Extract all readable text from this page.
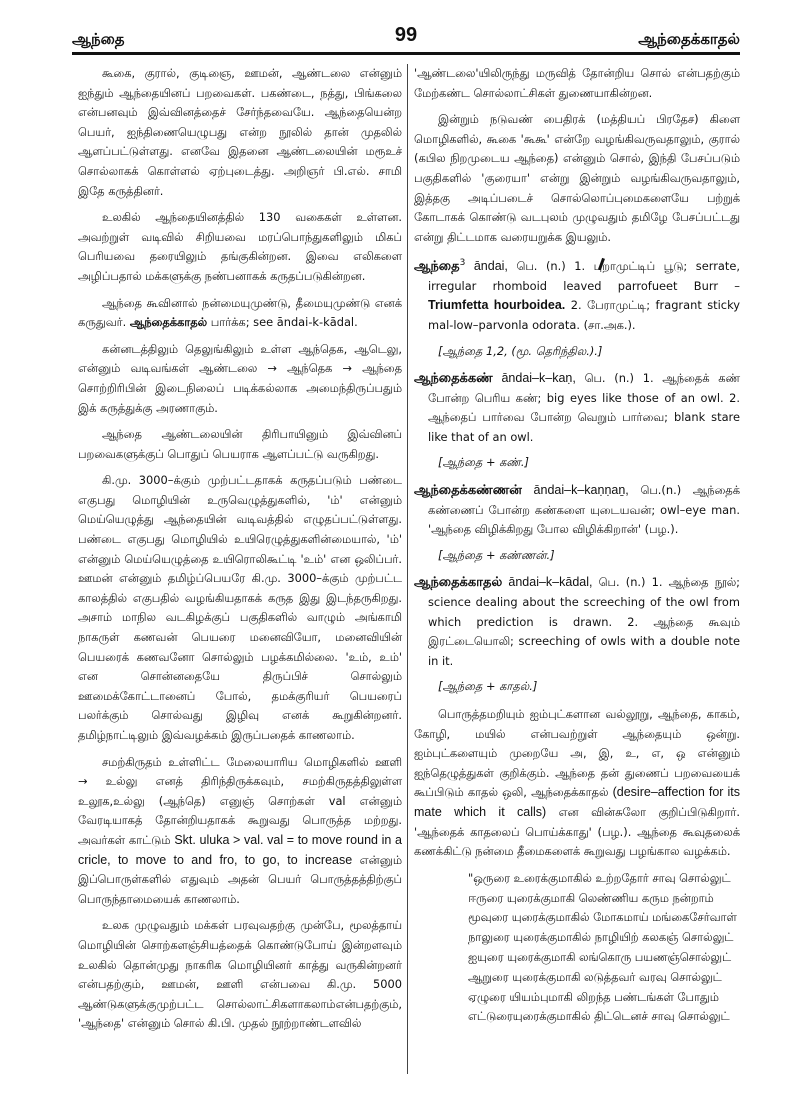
ஆந்தை	99	ஆந்தைக்காதல்

கூகை, குரால், குடிஞை, ஊமன், ஆண்டலை என்னும் ஐந்தும் ஆந்தையினப் பறவைகள். பகண்டை, நத்து, பிங்கலை என்பனவும் இவ்வினத்தைச் சேர்ந்தவையே. ஆந்தையென்ற பெயர், ஐந்திணையெழுபது என்ற நூலில் தான் முதலில் ஆளப்பட்டுள்ளது. எனவே இதனை ஆண்டலையின் மரூஉச் சொல்லாகக் கொள்ளல் ஏற்புடைத்து. அறிஞர் பி.எல். சாமி இதே கருத்தினர்.

உலகில் ஆந்தையினத்தில் 130 வகைகள் உள்ளன. அவற்றுள் வடிவில் சிறியவை மரப்பொந்துகளிலும் மிகப் பெரியவை தரையிலும் தங்குகின்றன. இவை எலிகளை அழிப்பதால் மக்களுக்கு நண்பனாகக் கருதப்படுகின்றன.

ஆந்தை கூவினால் நன்மையுமுண்டு, தீமையுமுண்டு எனக் கருதுவர். ஆந்தைக்காதல் பார்க்க; see āndai-k-kādal.

கன்னடத்திலும் தெலுங்கிலும் உள்ள ஆந்தெக, ஆடெலு, என்னும் வடிவங்கள் ஆண்டலை → ஆந்தெக → ஆந்தை சொற்றிரிபின் இடைநிலைப் படிக்கல்லாக அமைந்திருப்பதும் இக் கருத்துக்கு அரணாகும்.

ஆந்தை ஆண்டலையின் திரிபாயினும் இவ்வினப் பறவைகளுக்குப் பொதுப் பெயராக ஆளப்பட்டு வருகிறது.

கி.மு. 3000–க்கும் முற்பட்டதாகக் கருதப்படும் பண்டை எகுபது மொழியின் உருவெழுத்துகளில், 'ம்' என்னும் மெய்யெழுத்து ஆந்தையின் வடிவத்தில் எழுதப்பட்டுள்ளது. பண்டை எகுபது மொழியில் உயிரெழுத்துகளின்மையால், 'ம்' என்னும் மெய்யெழுத்தை உயிரொலிகூட்டி 'உம்' என ஒலிப்பர். ஊமன் என்னும் தமிழ்ப்பெயரே கி.மு. 3000–க்கும் முற்பட்ட காலத்தில் எகுபதில் வழங்கியதாகக் கருத இது இடந்தருகிறது. அசாம் மாநில வடகிழக்குப் பகுதிகளில் வாழும் அங்காமி நாகருள் கணவன் பெயரை மனைவியோ, மனைவியின் பெயரைக் கணவனோ சொல்லும் பழக்கமில்லை. 'உம், உம்' என சொன்னதையே திருப்பிச் சொல்லும் ஊமைக்கோட்டானைப் போல், தமக்குரியர் பெயரைப் பலர்க்கும் சொல்வது இழிவு எனக் கூறுகின்றனர். தமிழ்நாட்டிலும் இவ்வழக்கம் இருப்பதைக் காணலாம்.

சமற்கிருதம் உள்ளிட்ட மேலையாரிய மொழிகளில் ஊளி → உல்லு எனத் திரிந்திருக்கவும், சமற்கிருதத்திலுள்ள உலூக,உல்லு (ஆந்தெ) எனுஞ் சொற்கள் val என்னும் வேரடியாகத் தோன்றியதாகக் கூறுவது பொருத்த மற்றது. அவர்கள் காட்டும் Skt. uluka > val. val = to move round in a cricle, to move to and fro, to go, to increase என்னும் இப்பொருள்களில் எதுவும் அதன் பெயர் பொருத்தத்திற்குப் பொருந்தாமையைக் காணலாம்.

உலக முழுவதும் மக்கள் பரவுவதற்கு முன்பே, மூலத்தாய் மொழியின் சொற்களஞ்சியத்தைக் கொண்டுபோய் இன்றளவும் உலகில் தொன்முது நாகரிக மொழியினர் காத்து வருகின்றனர் என்பதற்கும், ஊமன், ஊளி என்பவை கி.மு. 5000 ஆண்டுகளுக்குமுற்பட்ட சொல்லாட்சிகளாகலாம்என்பதற்கும், 'ஆந்தை' என்னும் சொல் கி.பி. முதல் நூற்றாண்டளவில்

'ஆண்டலை'யிலிருந்து மருவித் தோன்றிய சொல் என்பதற்கும் மேற்கண்ட சொல்லாட்சிகள் துணையாகின்றன.

இன்றும் நடுவண் பைதிரக் (மத்தியப் பிரதேச) கிளை மொழிகளில், கூகை 'கூகூ' என்றே வழங்கிவருவதாலும், குரால் (கபில நிறமுடைய ஆந்தை) என்னும் சொல், இந்தி பேசப்படும் பகுதிகளில் 'குரையா' என்று இன்றும் வழங்கிவருவதாலும், இத்தகு அடிப்படைச் சொல்லொப்புமைகளையே பற்றுக் கோடாகக் கொண்டு வடபுலம் முழுவதும் தமிழே பேசப்பட்டது என்று திட்டமாக வரையறுக்க இயலும்.

ஆந்தை$^3$ āndai, பெ. (n.) 1. புறாமுட்டிப் பூடு; serrate, irregular rhomboid leaved parrofueet Burr – Triumfetta hourboidea. 2. பேராமுட்டி; fragrant sticky mal-low–parvonla odorata. (சா.அக.).
[ஆந்தை 1,2, (மூ. தெரிந்தில.).]
ஆந்தைக்கண் āndai–k–kaṇ, பெ. (n.) 1. ஆந்தைக் கண் போன்ற பெரிய கண்; big eyes like those of an owl. 2. ஆந்தைப் பார்வை போன்ற வெறும் பார்வை; blank stare like that of an owl.
[ஆந்தை + கண்.]
ஆந்தைக்கண்ணன் āndai–k–kaṇṇaṉ, பெ.(n.) ஆந்தைக் கண்ணைப் போன்ற கண்களை யுடையவன்; owl–eye man. 'ஆந்தை விழிக்கிறது போல விழிக்கிறான்' (பழ.).
[ஆந்தை + கண்ணன்.]
ஆந்தைக்காதல் āndai–k–kādal, பெ. (n.) 1. ஆந்தை நூல்; science dealing about the screeching of the owl from which prediction is drawn. 2. ஆந்தை கூவும் இரட்டையொலி; screeching of owls with a double note in it.
[ஆந்தை + காதல்.]

பொருத்தமறியும் ஐம்புட்களான வல்லூறு, ஆந்தை, காகம், கோழி, மயில் என்பவற்றுள் ஆந்தையும் ஒன்று. ஐம்புட்களையும் முறையே அ, இ, உ, எ, ஒ என்னும் ஐந்தெழுத்துகள் குறிக்கும். ஆந்தை தன் துணைப் பறவையைக் கூப்பிடும் காதல் ஒலி, ஆந்தைக்காதல் (desire–affection for its mate which it calls) என வின்சுலோ குறிப்பிடுகிறார். 'ஆந்தைக் காதலைப் பொய்க்காது' (பழ.). ஆந்தை கூவுதலைக் கணக்கிட்டு நன்மை தீமைகளைக் கூறுவது பழங்கால வழக்கம்.

"ஒருரை உரைக்குமாகில் உற்றதோர் சாவு சொல்லுட்
ஈருரை யுரைக்குமாகி லெண்ணிய கரும நன்றாம்
மூவுரை யுரைக்குமாகில் மோகமாய் மங்கைசேர்வாள்
நாலுரை யுரைக்குமாகில் நாழியிற் கலகஞ் சொல்லுட்
ஐயுரை யுரைக்குமாகி லங்கொரு பயணஞ்சொல்லுட்
ஆறுரை யுரைக்குமாகி லடுத்தவர் வரவு சொல்லுட்
ஏழுரை யியம்புமாகி லிறந்த பண்டங்கள் போதும்
எட்டுரையுரைக்குமாகில் திட்டெனச் சாவு சொல்லுட்
